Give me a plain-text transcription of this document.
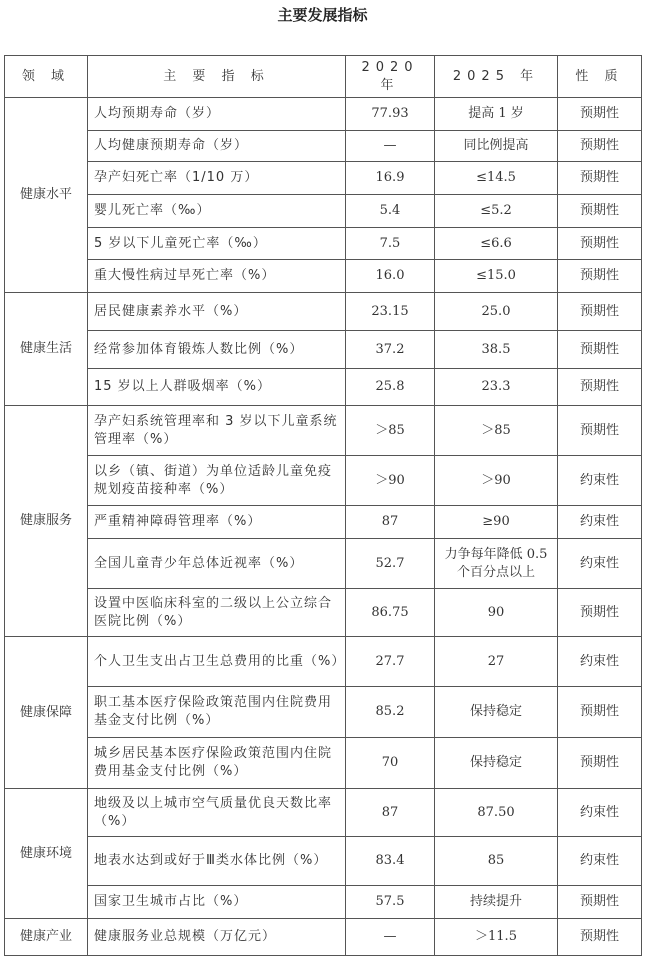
主要发展指标
领 域	主 要 指 标	2020 年	2025 年	性 质
健康水平	人均预期寿命（岁）	77.93	提高 1 岁	预期性
	人均健康预期寿命（岁）	—	同比例提高	预期性
	孕产妇死亡率（1/10 万）	16.9	≤14.5	预期性
	婴儿死亡率（‰）	5.4	≤5.2	预期性
	5 岁以下儿童死亡率（‰）	7.5	≤6.6	预期性
	重大慢性病过早死亡率（%）	16.0	≤15.0	预期性
健康生活	居民健康素养水平（%）	23.15	25.0	预期性
	经常参加体育锻炼人数比例（%）	37.2	38.5	预期性
	15 岁以上人群吸烟率（%）	25.8	23.3	预期性
健康服务	孕产妇系统管理率和 3 岁以下儿童系统管理率（%）	＞85	＞85	预期性
	以乡（镇、街道）为单位适龄儿童免疫规划疫苗接种率（%）	＞90	＞90	约束性
	严重精神障碍管理率（%）	87	≥90	约束性
	全国儿童青少年总体近视率（%）	52.7	力争每年降低 0.5 个百分点以上	约束性
	设置中医临床科室的二级以上公立综合医院比例（%）	86.75	90	预期性
健康保障	个人卫生支出占卫生总费用的比重（%）	27.7	27	约束性
	职工基本医疗保险政策范围内住院费用基金支付比例（%）	85.2	保持稳定	预期性
	城乡居民基本医疗保险政策范围内住院费用基金支付比例（%）	70	保持稳定	预期性
健康环境	地级及以上城市空气质量优良天数比率（%）	87	87.50	约束性
	地表水达到或好于Ⅲ类水体比例（%）	83.4	85	约束性
	国家卫生城市占比（%）	57.5	持续提升	预期性
健康产业	健康服务业总规模（万亿元）	—	＞11.5	预期性
